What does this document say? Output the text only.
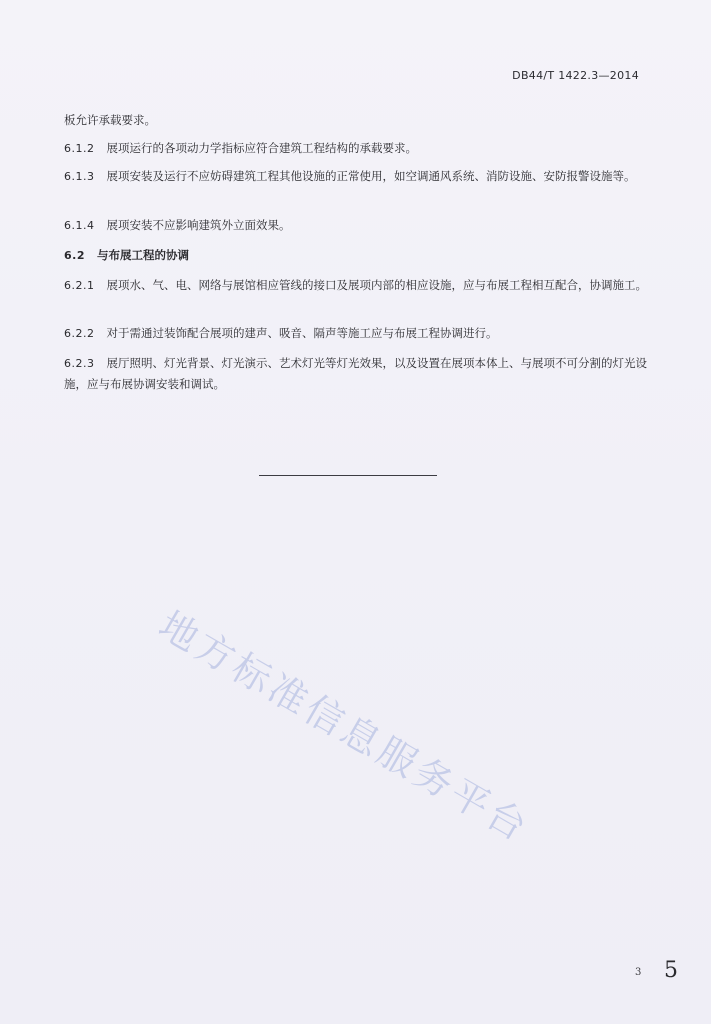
DB44/T 1422.3—2014

板允许承载要求。

6.1.2 展项运行的各项动力学指标应符合建筑工程结构的承载要求。

6.1.3 展项安装及运行不应妨碍建筑工程其他设施的正常使用，如空调通风系统、消防设施、安防报警设施等。

6.1.4 展项安装不应影响建筑外立面效果。

6.2 与布展工程的协调

6.2.1 展项水、气、电、网络与展馆相应管线的接口及展项内部的相应设施，应与布展工程相互配合，协调施工。

6.2.2 对于需通过装饰配合展项的建声、吸音、隔声等施工应与布展工程协调进行。

6.2.3 展厅照明、灯光背景、灯光演示、艺术灯光等灯光效果，以及设置在展项本体上、与展项不可分割的灯光设施，应与布展协调安装和调试。

地方标准信息服务平台
3 5
